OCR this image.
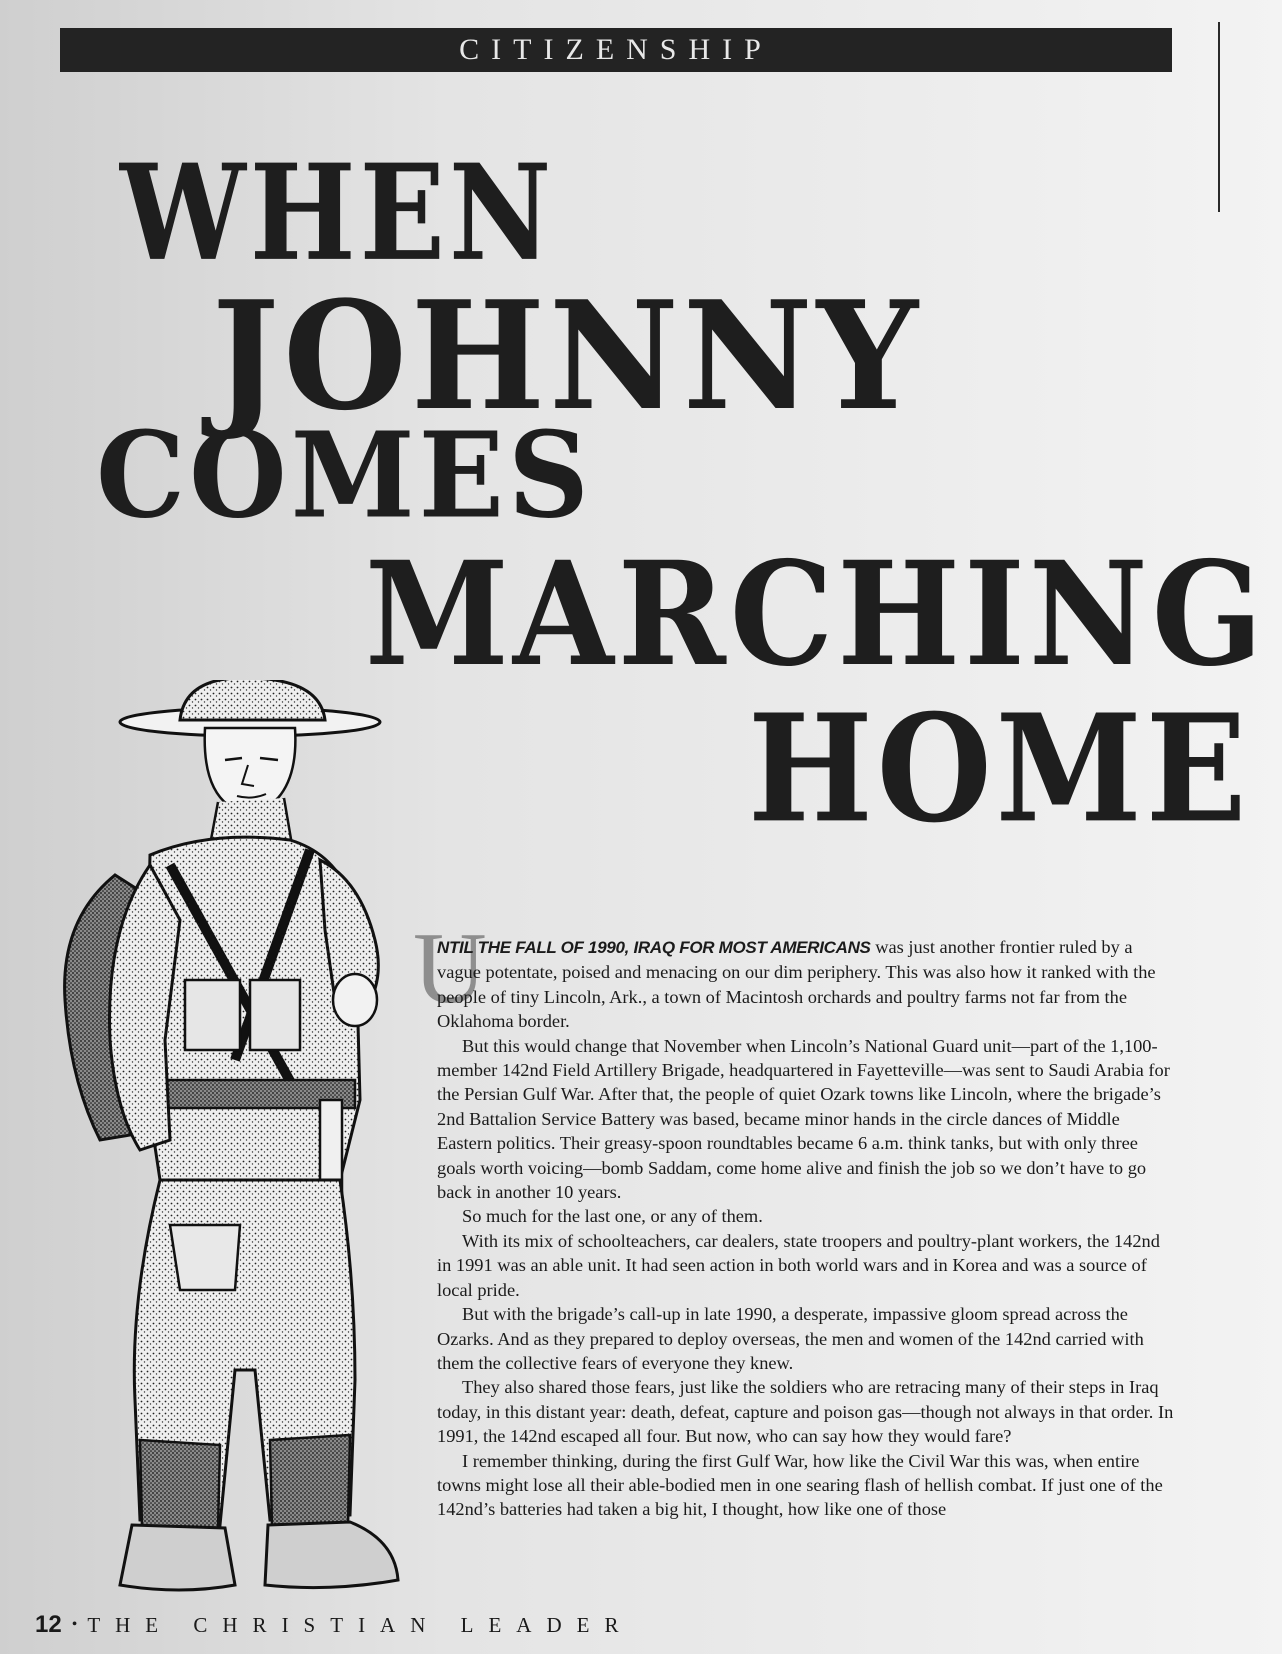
CITIZENSHIP
WHEN
JOHNNY
COMES
MARCHING
HOME
U

NTIL THE FALL OF 1990, IRAQ FOR MOST AMERICANS was just another frontier ruled by a vague potentate, poised and menacing on our dim periphery. This was also how it ranked with the people of tiny Lincoln, Ark., a town of Macintosh orchards and poultry farms not far from the Oklahoma border.

But this would change that November when Lincoln’s National Guard unit—part of the 1,100-member 142nd Field Artillery Brigade, headquartered in Fayetteville—was sent to Saudi Arabia for the Persian Gulf War. After that, the people of quiet Ozark towns like Lincoln, where the brigade’s 2nd Battalion Service Battery was based, became minor hands in the circle dances of Middle Eastern politics. Their greasy-spoon roundtables became 6 a.m. think tanks, but with only three goals worth voicing—bomb Saddam, come home alive and finish the job so we don’t have to go back in another 10 years.

So much for the last one, or any of them.

With its mix of schoolteachers, car dealers, state troopers and poultry-plant workers, the 142nd in 1991 was an able unit. It had seen action in both world wars and in Korea and was a source of local pride.

But with the brigade’s call-up in late 1990, a desperate, impassive gloom spread across the Ozarks. And as they prepared to deploy overseas, the men and women of the 142nd carried with them the collective fears of everyone they knew.

They also shared those fears, just like the soldiers who are retracing many of their steps in Iraq today, in this distant year: death, defeat, capture and poison gas—though not always in that order. In 1991, the 142nd escaped all four. But now, who can say how they would fare?

I remember thinking, during the first Gulf War, how like the Civil War this was, when entire towns might lose all their able-bodied men in one searing flash of hellish combat. If just one of the 142nd’s batteries had taken a big hit, I thought, how like one of those

12 • THE CHRISTIAN LEADER
